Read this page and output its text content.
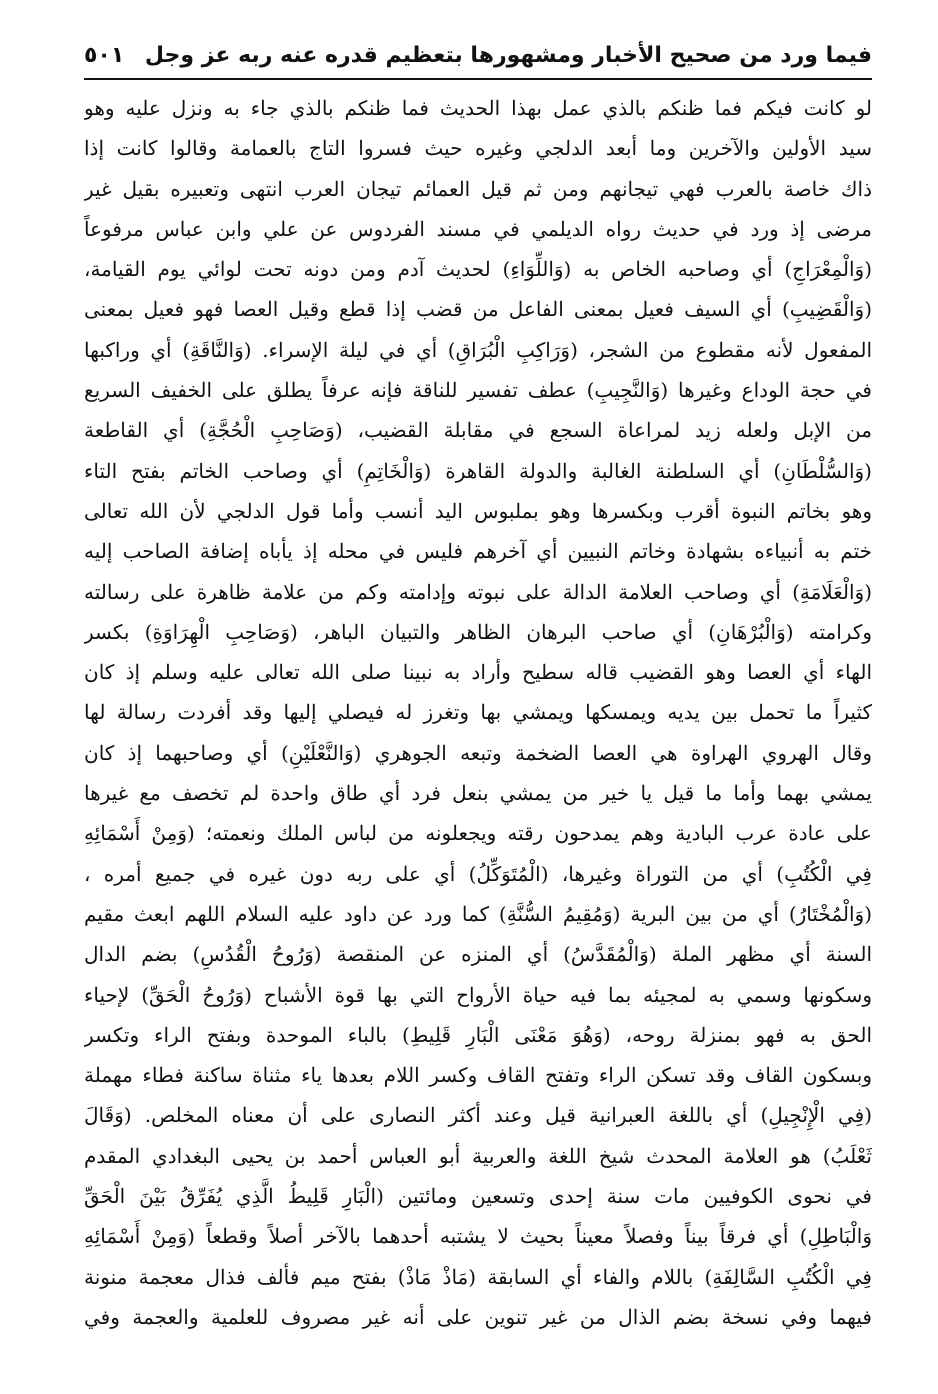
فيما ورد من صحيح الأخبار ومشهورها بتعظيم قدره عنه ربه عز وجل
٥٠١
لو كانت فيكم فما ظنكم بالذي عمل بهذا الحديث فما ظنكم بالذي جاء به ونزل عليه وهو
سيد الأولين والآخرين وما أبعد الدلجي وغيره حيث فسروا التاج بالعمامة وقالوا كانت إذا
ذاك خاصة بالعرب فهي تيجانهم ومن ثم قيل العمائم تيجان العرب انتهى وتعبيره بقيل غير
مرضى إذ ورد في حديث رواه الديلمي في مسند الفردوس عن علي وابن عباس مرفوعاً
(وَالْمِعْرَاجِ) أي وصاحبه الخاص به (وَاللِّوَاءِ) لحديث آدم ومن دونه تحت لوائي يوم القيامة،
(وَالْقَضِيبِ) أي السيف فعيل بمعنى الفاعل من قضب إذا قطع وقيل العصا فهو فعيل بمعنى
المفعول لأنه مقطوع من الشجر، (وَرَاكِبِ الْبُرَاقِ) أي في ليلة الإسراء. (وَالنَّاقَةِ) أي وراكبها
في حجة الوداع وغيرها (وَالنَّجِيبِ) عطف تفسير للناقة فإنه عرفاً يطلق على الخفيف السريع
من الإبل ولعله زيد لمراعاة السجع في مقابلة القضيب، (وَصَاحِبِ الْحُجَّةِ) أي القاطعة
(وَالسُّلْطَانِ) أي السلطنة الغالبة والدولة القاهرة (وَالْخَاتِمِ) أي وصاحب الخاتم بفتح التاء
وهو بخاتم النبوة أقرب وبكسرها وهو بملبوس اليد أنسب وأما قول الدلجي لأن الله تعالى
ختم به أنبياءه بشهادة وخاتم النبيين أي آخرهم فليس في محله إذ يأباه إضافة الصاحب إليه
(وَالْعَلَامَةِ) أي وصاحب العلامة الدالة على نبوته وإدامته وكم من علامة ظاهرة على رسالته
وكرامته (وَالْبُرْهَانِ) أي صاحب البرهان الظاهر والتبيان الباهر، (وَصَاحِبِ الْهِرَاوَةِ) بكسر
الهاء أي العصا وهو القضيب قاله سطيح وأراد به نبينا صلى الله تعالى عليه وسلم إذ كان
كثيراً ما تحمل بين يديه ويمسكها ويمشي بها وتغرز له فيصلي إليها وقد أفردت رسالة لها
وقال الهروي الهراوة هي العصا الضخمة وتبعه الجوهري (وَالنَّعْلَيْنِ) أي وصاحبهما إذ كان
يمشي بهما وأما ما قيل يا خير من يمشي بنعل فرد أي طاق واحدة لم تخصف مع غيرها
على عادة عرب البادية وهم يمدحون رقته ويجعلونه من لباس الملك ونعمته؛ (وَمِنْ أَسْمَائِهِ
فِي الْكُتُبِ) أي من التوراة وغيرها، (الْمُتَوَكِّلُ) أي على ربه دون غيره في جميع أمره ،
(وَالْمُخْتَارُ) أي من بين البرية (وَمُقِيمُ السُّنَّةِ) كما ورد عن داود عليه السلام اللهم ابعث مقيم
السنة أي مظهر الملة (وَالْمُقَدَّسُ) أي المنزه عن المنقصة (وَرُوحُ الْقُدُسِ) بضم الدال
وسكونها وسمي به لمجيئه بما فيه حياة الأرواح التي بها قوة الأشباح (وَرُوحُ الْحَقِّ) لإحياء
الحق به فهو بمنزلة روحه، (وَهُوَ مَعْنَى الْبَارِ قَلِيطِ) بالباء الموحدة وبفتح الراء وتكسر
وبسكون القاف وقد تسكن الراء وتفتح القاف وكسر اللام بعدها ياء مثناة ساكنة فطاء مهملة
(فِي الْإِنْجِيلِ) أي باللغة العبرانية قيل وعند أكثر النصارى على أن معناه المخلص. (وَقَالَ
ثَعْلَبُ) هو العلامة المحدث شيخ اللغة والعربية أبو العباس أحمد بن يحيى البغدادي المقدم
في نحوى الكوفيين مات سنة إحدى وتسعين ومائتين (الْبَارِ قَلِيطُ الَّذِي يُفَرِّقُ بَيْنَ الْحَقِّ
وَالْبَاطِلِ) أي فرقاً بيناً وفصلاً معيناً بحيث لا يشتبه أحدهما بالآخر أصلاً وقطعاً (وَمِنْ أَسْمَائِهِ
فِي الْكُتُبِ السَّالِفَةِ) باللام والفاء أي السابقة (مَاذْ مَاذْ) بفتح ميم فألف فذال معجمة منونة
فيهما وفي نسخة بضم الذال من غير تنوين على أنه غير مصروف للعلمية والعجمة وفي
